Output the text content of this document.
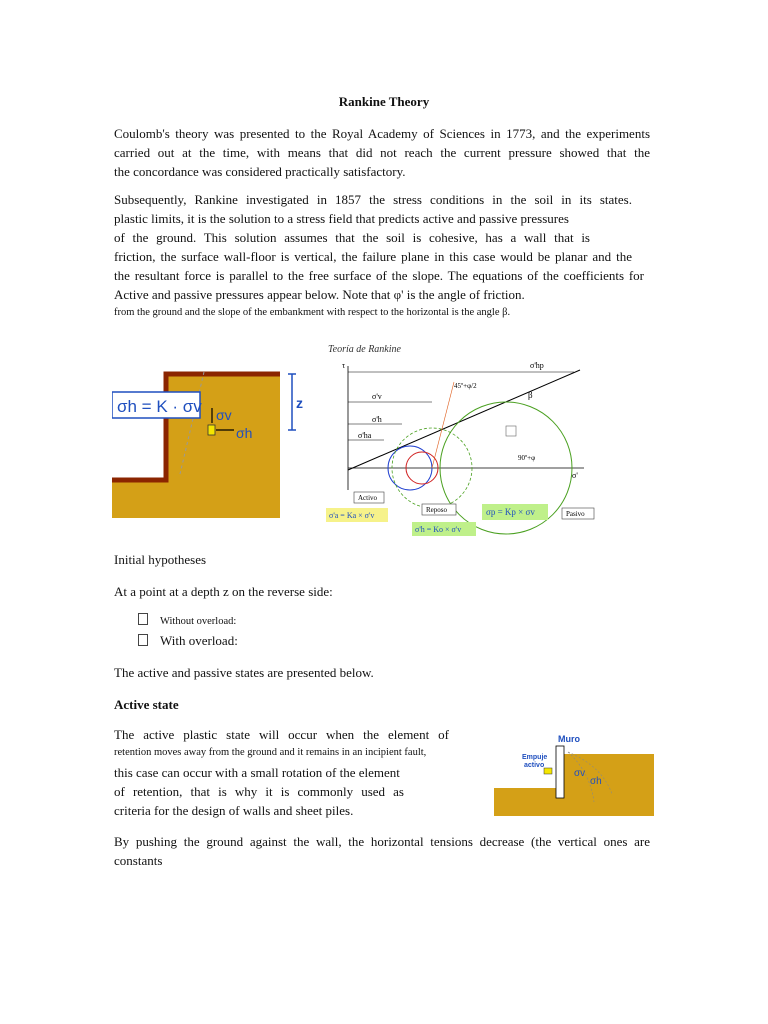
Rankine Theory
Coulomb's theory was presented to the Royal Academy of Sciences in 1773, and the experiments
carried out at the time, with means that did not reach the current pressure showed that the
the concordance was considered practically satisfactory.
Subsequently, Rankine investigated in 1857 the stress conditions in the soil in its states.
plastic limits, it is the solution to a stress field that predicts active and passive pressures
of the ground. This solution assumes that the soil is cohesive, has a wall that is
friction, the surface wall-floor is vertical, the failure plane in this case would be planar and the
the resultant force is parallel to the free surface of the slope. The equations of the coefficients for
Active and passive pressures appear below. Note that φ' is the angle of friction.
from the ground and the slope of the embankment with respect to the horizontal is the angle β.
σh = K · σv σv
σh
z
Teoría de Rankine
τ
σ'
σ'hp
σ'v
σ'h
σ'ha
45º+φ/2
β
90º+φ
Activo
Reposo	Pasivo
σ'a = Ka × σ'v
σ'h = Ko × σ'v
σp = Kp × σv
Initial hypotheses
At a point at a depth z on the reverse side:
Without overload:
With overload:
The active and passive states are presented below.
Active state
The active plastic state will occur when the element of
retention moves away from the ground and it remains in an incipient fault,
this case can occur with a small rotation of the element
of retention, that is why it is commonly used as
criteria for the design of walls and sheet piles.
Muro
Empuje
activo
σv
σh
By pushing the ground against the wall, the horizontal tensions decrease (the vertical ones are
constants
